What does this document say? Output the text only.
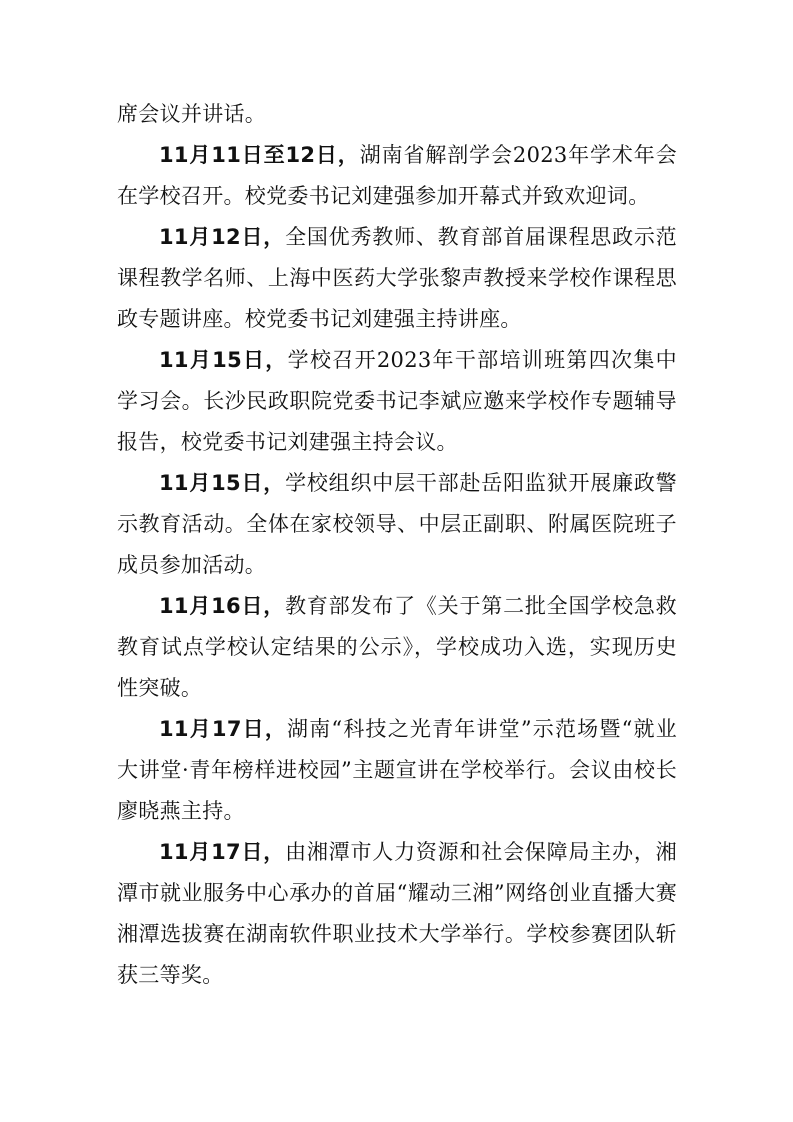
席会议并讲话。

11月11日至12日，湖南省解剖学会2023年学术年会在学校召开。校党委书记刘建强参加开幕式并致欢迎词。

11月12日，全国优秀教师、教育部首届课程思政示范课程教学名师、上海中医药大学张黎声教授来学校作课程思政专题讲座。校党委书记刘建强主持讲座。

11月15日，学校召开2023年干部培训班第四次集中学习会。长沙民政职院党委书记李斌应邀来学校作专题辅导报告，校党委书记刘建强主持会议。

11月15日，学校组织中层干部赴岳阳监狱开展廉政警示教育活动。全体在家校领导、中层正副职、附属医院班子成员参加活动。

11月16日，教育部发布了《关于第二批全国学校急救教育试点学校认定结果的公示》，学校成功入选，实现历史性突破。

11月17日，湖南“科技之光青年讲堂”示范场暨“就业大讲堂·青年榜样进校园”主题宣讲在学校举行。会议由校长廖晓燕主持。

11月17日，由湘潭市人力资源和社会保障局主办，湘潭市就业服务中心承办的首届“耀动三湘”网络创业直播大赛湘潭选拔赛在湖南软件职业技术大学举行。学校参赛团队斩获三等奖。
